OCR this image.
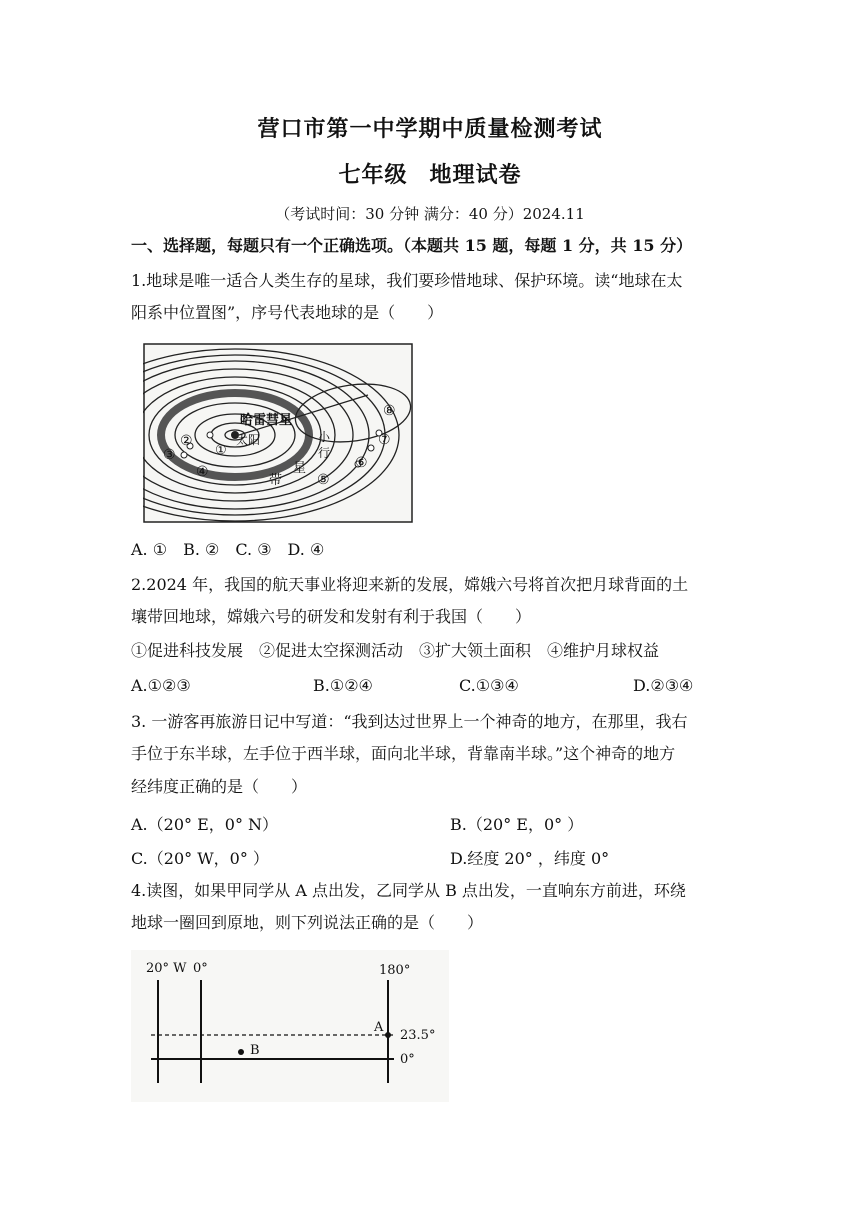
营口市第一中学期中质量检测考试
七年级 地理试卷
（考试时间：30 分钟 满分：40 分）2024.11
一、选择题，每题只有一个正确选项。（本题共 15 题，每题 1 分，共 15 分）
1.地球是唯一适合人类生存的星球，我们要珍惜地球、保护环境。读“地球在太
阳系中位置图”，序号代表地球的是（　　）
哈雷彗星
太阳
①
②
③
④	⑤
⑥
⑦
⑧
带
星
小
行
A. ①　B. ②　C. ③　D. ④
2.2024 年，我国的航天事业将迎来新的发展，嫦娥六号将首次把月球背面的土
壤带回地球，嫦娥六号的研发和发射有利于我国（　　）
①促进科技发展　②促进太空探测活动　③扩大领土面积　④维护月球权益
A.①②③	B.①②④	C.①③④	D.②③④
3. 一游客再旅游日记中写道：“我到达过世界上一个神奇的地方，在那里，我右
手位于东半球，左手位于西半球，面向北半球，背靠南半球。”这个神奇的地方
经纬度正确的是（　　）
A.（20° E，0° N）	B.（20° E，0° ）
C.（20° W，0° ）	D.经度 20° ，纬度 0°
4.读图，如果甲同学从 A 点出发，乙同学从 B 点出发，一直响东方前进，环绕
地球一圈回到原地，则下列说法正确的是（　　）
20° W 0°	180°
A
B
23.5°
0°
